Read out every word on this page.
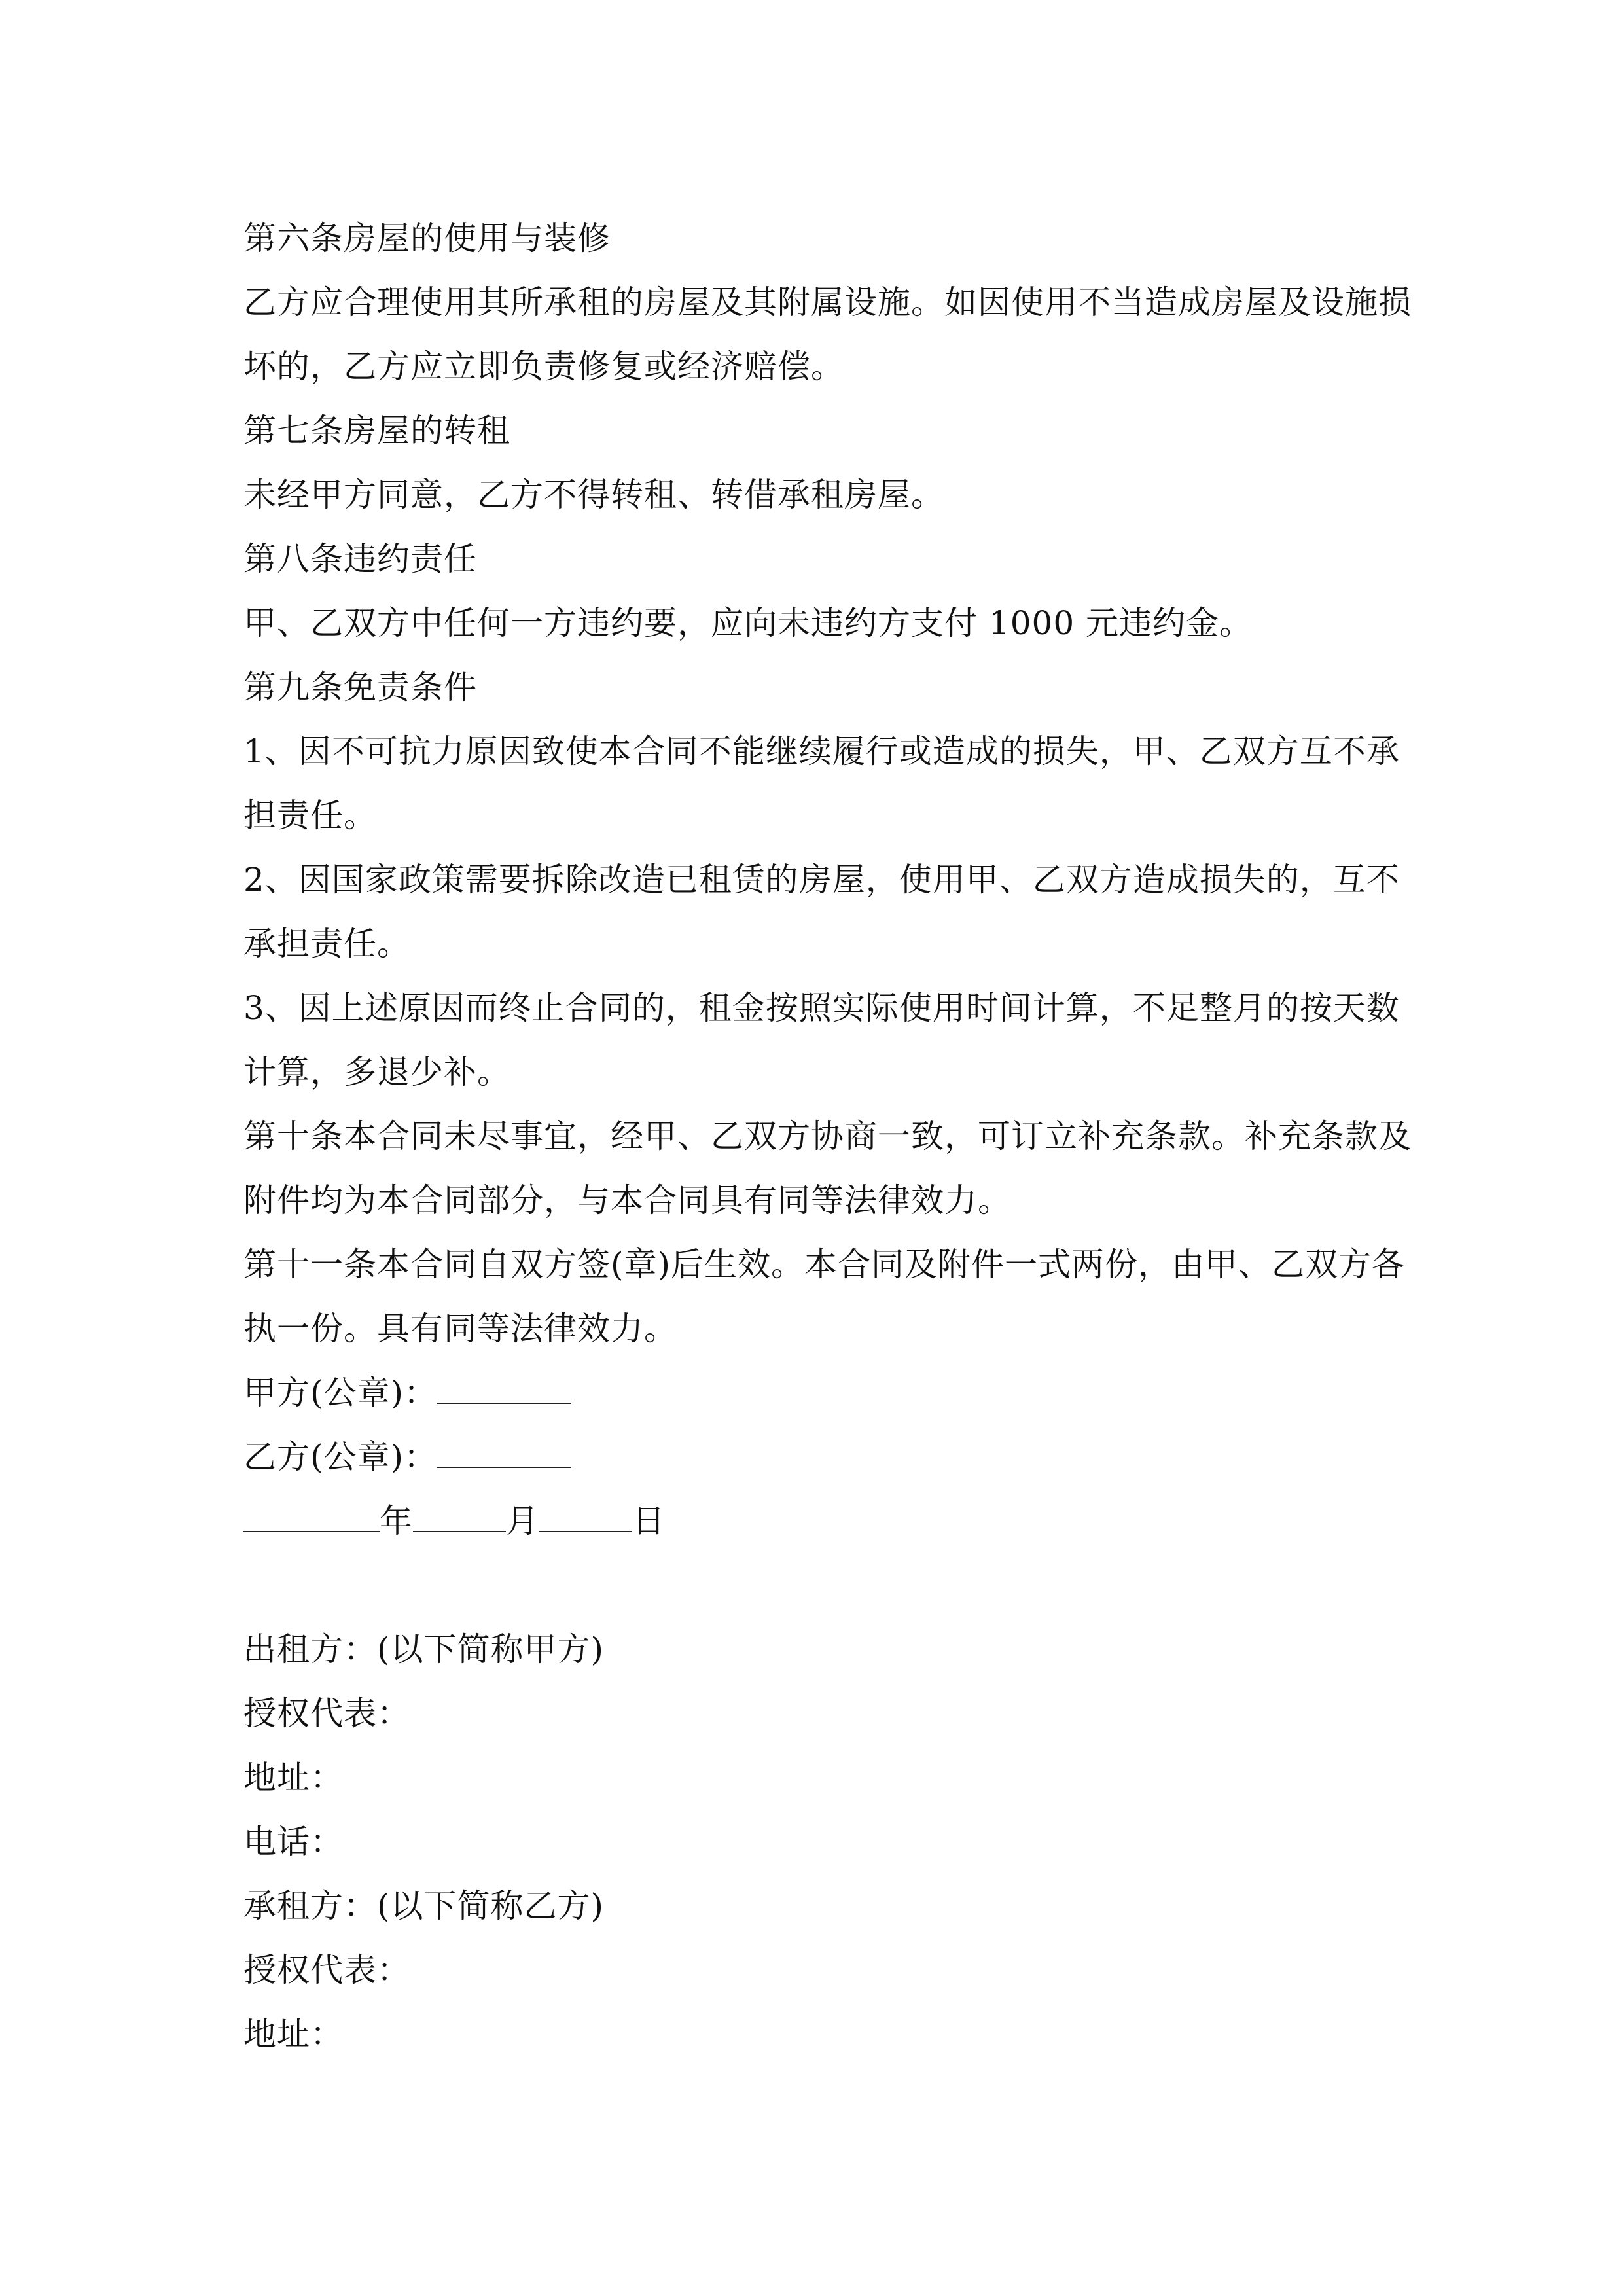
第六条房屋的使用与装修
乙方应合理使用其所承租的房屋及其附属设施。如因使用不当造成房屋及设施损
坏的，乙方应立即负责修复或经济赔偿。
第七条房屋的转租
未经甲方同意，乙方不得转租、转借承租房屋。
第八条违约责任
甲、乙双方中任何一方违约要，应向未违约方支付 1000 元违约金。
第九条免责条件
1、因不可抗力原因致使本合同不能继续履行或造成的损失，甲、乙双方互不承
担责任。
2、因国家政策需要拆除改造已租赁的房屋，使用甲、乙双方造成损失的，互不
承担责任。
3、因上述原因而终止合同的，租金按照实际使用时间计算，不足整月的按天数
计算，多退少补。
第十条本合同未尽事宜，经甲、乙双方协商一致，可订立补充条款。补充条款及
附件均为本合同部分，与本合同具有同等法律效力。
第十一条本合同自双方签(章)后生效。本合同及附件一式两份，由甲、乙双方各
执一份。具有同等法律效力。
甲方(公章)：
乙方(公章)：
年	月	日
出租方：(以下简称甲方)
授权代表：
地址：
电话：
承租方：(以下简称乙方)
授权代表：
地址：
